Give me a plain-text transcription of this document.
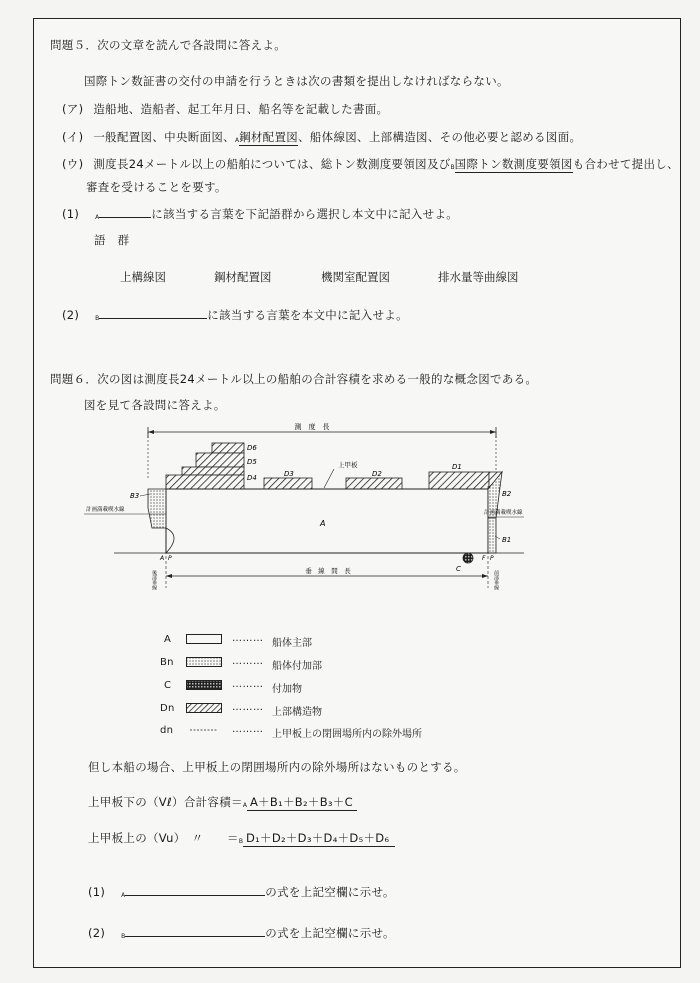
問題５．次の文章を読んで各設問に答えよ。
国際トン数証書の交付の申請を行うときは次の書類を提出しなければならない。
(ア) 造船地、造船者、起工年月日、船名等を記載した書面。
(イ) 一般配置図、中央断面図、A鋼材配置図、船体線図、上部構造図、その他必要と認める図面。
(ウ) 測度長24メートル以上の船舶については、総トン数測度要領図及びB国際トン数測度要領図も合わせて提出し、
審査を受けることを要す。
(1)	A	に該当する言葉を下記語群から選択し本文中に記入せよ。
語　群
上構線図	鋼材配置図	機関室配置図	排水量等曲線図
(2)	B	に該当する言葉を本文中に記入せよ。
問題６．次の図は測度長24メートル以上の船舶の合計容積を求める一般的な概念図である。
図を見て各設問に答えよ。
測　度　長
D6
D5
D4	D3	D2
D1
上甲板
A
B3	B2
B1
計画満載喫水線	計画満載喫水線
A P	F P
後部垂線	前部垂線
C
垂　線　間　長
A	……… 船体主部
Bn	……… 船体付加部
C	……… 付加物
Dn	……… 上部構造物
dn	……… 上甲板上の閉囲場所内の除外場所
但し本船の場合、上甲板上の閉囲場所内の除外場所はないものとする。
上甲板下の（Vℓ）合計容積＝A A＋B₁＋B₂＋B₃＋C
上甲板上の（Vu）　〃　　＝B D₁＋D₂＋D₃＋D₄＋D₅＋D₆
(1)	A	の式を上記空欄に示せ。
(2)	B	の式を上記空欄に示せ。
